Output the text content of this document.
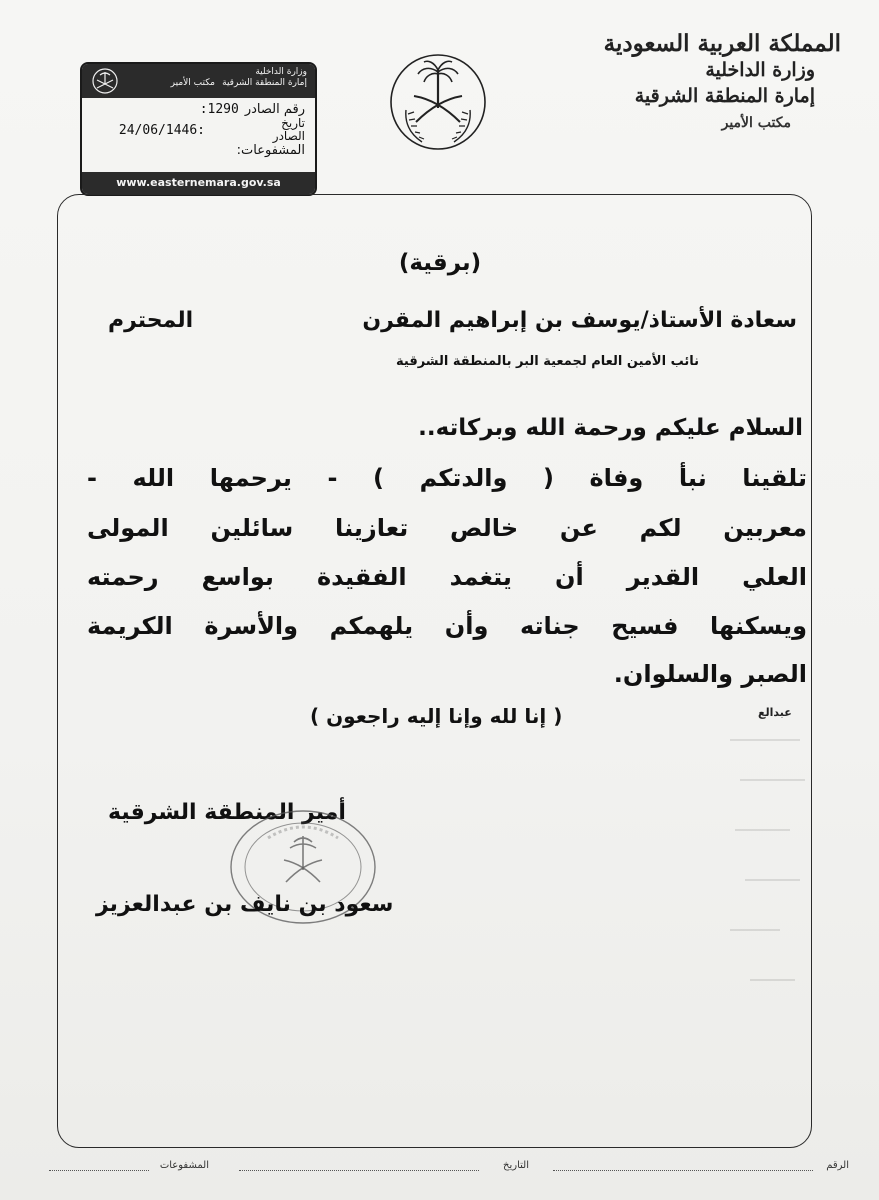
المملكة العربية السعودية
وزارة الداخلية
إمارة المنطقة الشرقية
مكتب الأمير
وزارة الداخلية
إمارة المنطقة الشرقية
مكتب الأمير
رقم الصادر
:1290
تاريخ الصادر
24/06/1446:
المشفوعات:
www.easternemara.gov.sa
(برقية)
سعادة الأستاذ/يوسف بن إبراهيم المقرن
المحترم
نائب الأمين العام لجمعية البر بالمنطقة الشرقية
السلام عليكم ورحمة الله وبركاته..
تلقينا نبأ وفاة ( والدتكم ) - يرحمها الله -
معربين لكم عن خالص تعازينا سائلين المولى
العلي القدير أن يتغمد الفقيدة بواسع رحمته
ويسكنها فسيح جناته وأن يلهمكم والأسرة الكريمة
الصبر والسلوان.
( إنا لله وإنا إليه راجعون )	عبدالع
أمير المنطقة الشرقية
سعود بن نايف بن عبدالعزيز
الرقم
التاريخ
المشفوعات
